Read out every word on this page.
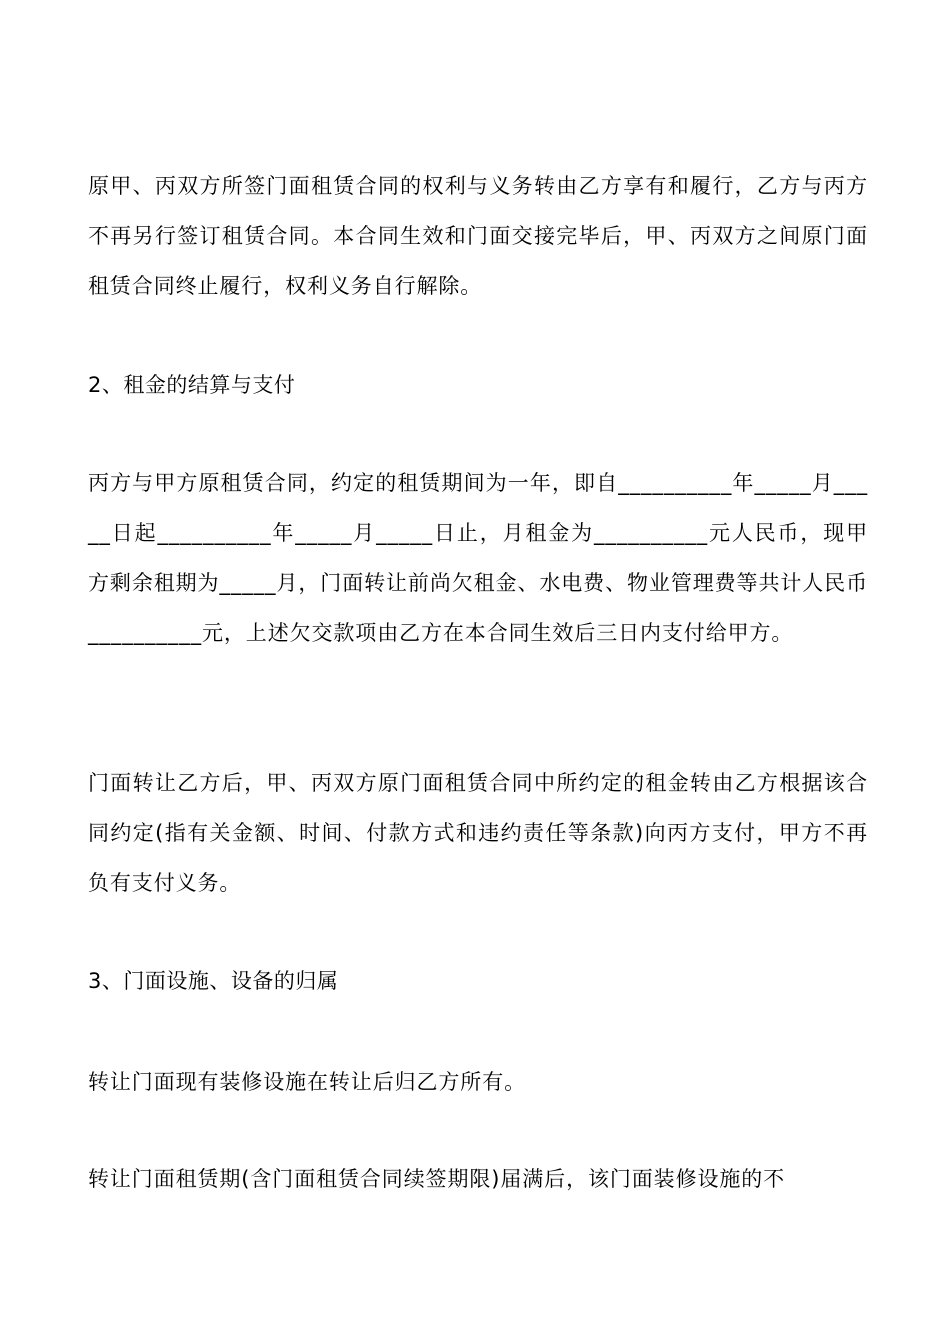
原甲、丙双方所签门面租赁合同的权利与义务转由乙方享有和履行，乙方与丙方不再另行签订租赁合同。本合同生效和门面交接完毕后，甲、丙双方之间原门面租赁合同终止履行，权利义务自行解除。

2、租金的结算与支付

丙方与甲方原租赁合同，约定的租赁期间为一年，即自__________年_____月_____日起__________年_____月_____日止，月租金为__________元人民币，现甲方剩余租期为_____月，门面转让前尚欠租金、水电费、物业管理费等共计人民币__________元，上述欠交款项由乙方在本合同生效后三日内支付给甲方。

门面转让乙方后，甲、丙双方原门面租赁合同中所约定的租金转由乙方根据该合同约定(指有关金额、时间、付款方式和违约责任等条款)向丙方支付，甲方不再负有支付义务。

3、门面设施、设备的归属

转让门面现有装修设施在转让后归乙方所有。

转让门面租赁期(含门面租赁合同续签期限)届满后，该门面装修设施的不
